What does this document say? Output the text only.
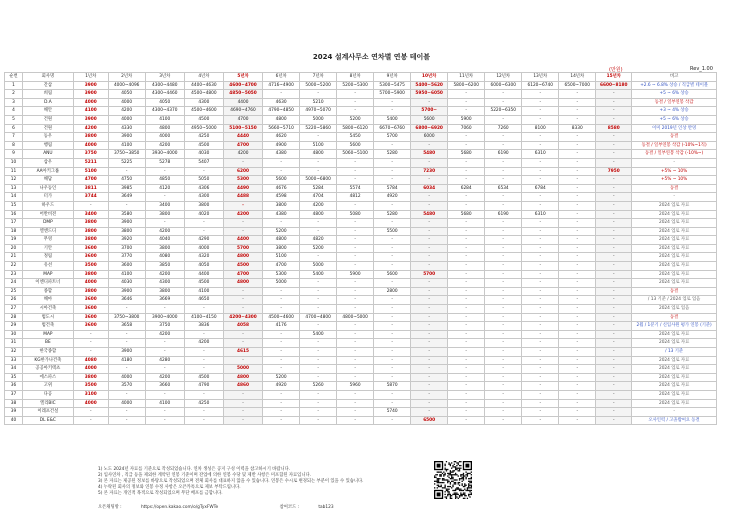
2024 설계사무소 연차별 연봉 테이블
(만원)	Rev_1.00
순번	회사명	1년차	2년차	3년차	4년차	5년차	6년차	7년차	8년차	9년차	10년차	11년차	12년차	13년차	14년차	15년차	비고
1	간삼	3900	4000~4096	4300~4480	4400~4630	4600~4700	4716~4900	5000~5200	5200~5300	5300~5475	5400~5620	5800~6200	6000~6300	6120~6740	6500~7000	6600~8180	+2.6 ~ 6.8% 상승 / 직급별 테이블
2	희림	3900	4050	4300~4460	4500~4800	4850~5050	-	-	-	5700~5900	5950~6050	-	-	-	-	-	+5 ~ 6% 상승
3	D.A	4000	4000	4050	4300	4400	4630	5210	-	-	-	-	-	-	-	-	동결 / 일부연봉 삭감
4	해안	4100	4200	4300~4370	4500~4600	4690~4760	4790~4850	4970~5070	-	-	5700~	-	5220~6350	-	-	-	+3 ~ 4% 상승
5	건원	3900	4000	4100	4500	4700	4800	5000	5200	5400	5600	5900	-	-	-	-	+5 ~ 6% 상승
6	건원	4200	4330	4800	4950~5000	5100~5150	5660~5710	5220~5860	5800~6120	6670~6760	6800~6920	7060	7260	8100	8330	8580	이미 2019년 인상 반영
7	동우	3800	3900	4000	4250	4440	4620	-	5450	5700	6000	-	-	-	-	-	동결
8	행림	4000	4100	4200	4500	4700	4900	5100	5600	-	-	-	-	-	-	-	동결 / 일부연봉 삭감 (-10%~1직)
9	ANU	3750	3750~3850	3930~4000	4030	4200	4380	4800	5060~5100	5280	5480	5680	6190	6310	-	-	동결 / 일부연봉 삭감 (-10%~)
10	삼우	5211	5225	5278	5407	-	-	-	-	-	-	-	-	-	-	-	-
11	AA아키그룹	5100	-	-	-	6200	-	-	-	-	7230	-	-	-	-	7950	+5% ~ 10%
12	해담	4700	4750	4850	5050	5300	5600	5000~6800	-	-	-	-	-	-	-	-	+5% ~ 10%
13	나우동인	3811	3985	4120	4306	4490	4676	5284	5574	5784	6034	6284	6534	6784	-	-	동결
14	터가	3744	3649	-	4300	4488	4598	4704	4812	4920	-	-	-	-	-	-	-
15	하우드	-	-	3400	3800	-	3800	4200	-	-	-	-	-	-	-	-	2024 업로 자료
16	어반비전	3400	3580	3800	4020	4200	4380	4800	5080	5280	5480	5680	6190	6310	-	-	2024 업로 자료
17	DMP	3800	3900	-	-	-	-	-	-	-	-	-	-	-	-	-	2024 업로 자료
18	엘앤드디	3800	3800	4200	-	-	5200	-	-	5500	-	-	-	-	-	-	2024 업로 자료
19	무영	3800	3920	4040	4290	4400	4800	4820	-	-	-	-	-	-	-	-	2024 업로 자료
20	기안	3600	3700	3800	4000	5700	3800	5200	-	-	-	-	-	-	-	-	2024 업로 자료
21	정림	3600	3770	4080	4320	4800	5100	-	-	-	-	-	-	-	-	-	2024 업로 자료
22	유선	3500	3600	3850	4050	4500	4700	5000	-	-	-	-	-	-	-	-	2024 업로 자료
23	MAP	3800	4100	4200	4400	4700	5300	5400	5900	5600	5700	-	-	-	-	-	2024 업로 자료
24	이엔디파트너	4000	4030	4300	4500	4800	5000	-	-	-	-	-	-	-	-	-	2024 업로 자료
25	종합	3800	3900	3800	4100	-	-	-	-	2800	-	-	-	-	-	-	동결
26	해마	3600	3646	3669	4650	-	-	-	-	-	-	-	-	-	-	-	/ 13 기준 / 2024 업로 업음
27	시아건축	3600	-	-	-	-	-	-	-	-	-	-	-	-	-	-	2024 업로 업음
28	범도시	3600	3750~3800	3900~4000	4100~4150	4200~4300	4500~4600	4700~4800	4800~5000	-	-	-	-	-	-	-	동결
29	범건축	3600	3658	3750	3836	4058	4176	-	-	-	-	-	-	-	-	-	2월 / 1분기 / 신입사원 평가 연봉 (기준)
30	MAP	-	-	4200	-	-	-	5400	-	-	-	-	-	-	-	-	2024 업로 자료
31	BE	-	-	-	4200	-	-	-	-	-	-	-	-	-	-	-	2024 업로 자료
32	한국종합	-	3900	-	-	4615	-	-	-	-	-	-	-	-	-	-	/ 13 기준
33	KG한가나건축	4080	4180	4280	-	-	-	-	-	-	-	-	-	-	-	-	2024 업로 자료
34	공공아키텍츠	4000	-	-	-	5000	-	-	-	-	-	-	-	-	-	-	2024 업로 자료
35	에스파스	3800	4000	4200	4500	4800	5200	-	-	-	-	-	-	-	-	-	2024 업로 자료
36	고위	3500	3570	3660	4790	4860	4920	5260	5960	5870	-	-	-	-	-	-	2024 업로 자료
37	다공	3100	-	-	-	-	-	-	-	-	-	-	-	-	-	-	2024 업로 자료
38	엘리BIC	4000	4000	4100	4250	-	-	-	-	-	-	-	-	-	-	-	2024 업로 자료
39	이레프건설	-	-	-	-	-	-	-	-	5740	-	-	-	-	-	-	-
40	DL E&C	-	-	-	-	-	-	-	-	-	6500	-	-	-	-	-	오사인력 / 고졸밥여요 동결
1) 노도 2024년 자료를 기준으로 작성되었습니다. 연차 생성은 공지 구성 이력을 참고하시기 바랍니다.
2) 입사연차 , 직급 등을 제외한 계약된 연봉 기준이며 잔업에 의한 연봉 수당 및 제반 사항은 미포함된 자료입니다.
3) 본 자료는 제공된 정보를 바탕으로 작성되었으며 전체 회사를 대표하지 않을 수 있습니다. 연봉은 수시로 변경되는 부분이 있을 수 있습니다.
4) 누락된 회사의 정보와 연봉 수정 사항은 오픈카톡으로 제보 부탁드립니다.
5) 본 자료는 개인적 목적으로 작성되었으며 무단 배포를 금합니다.
오픈채팅방 :	https://open.kakao.com/o/gTyxFWTe	참여코드 :	tab123
